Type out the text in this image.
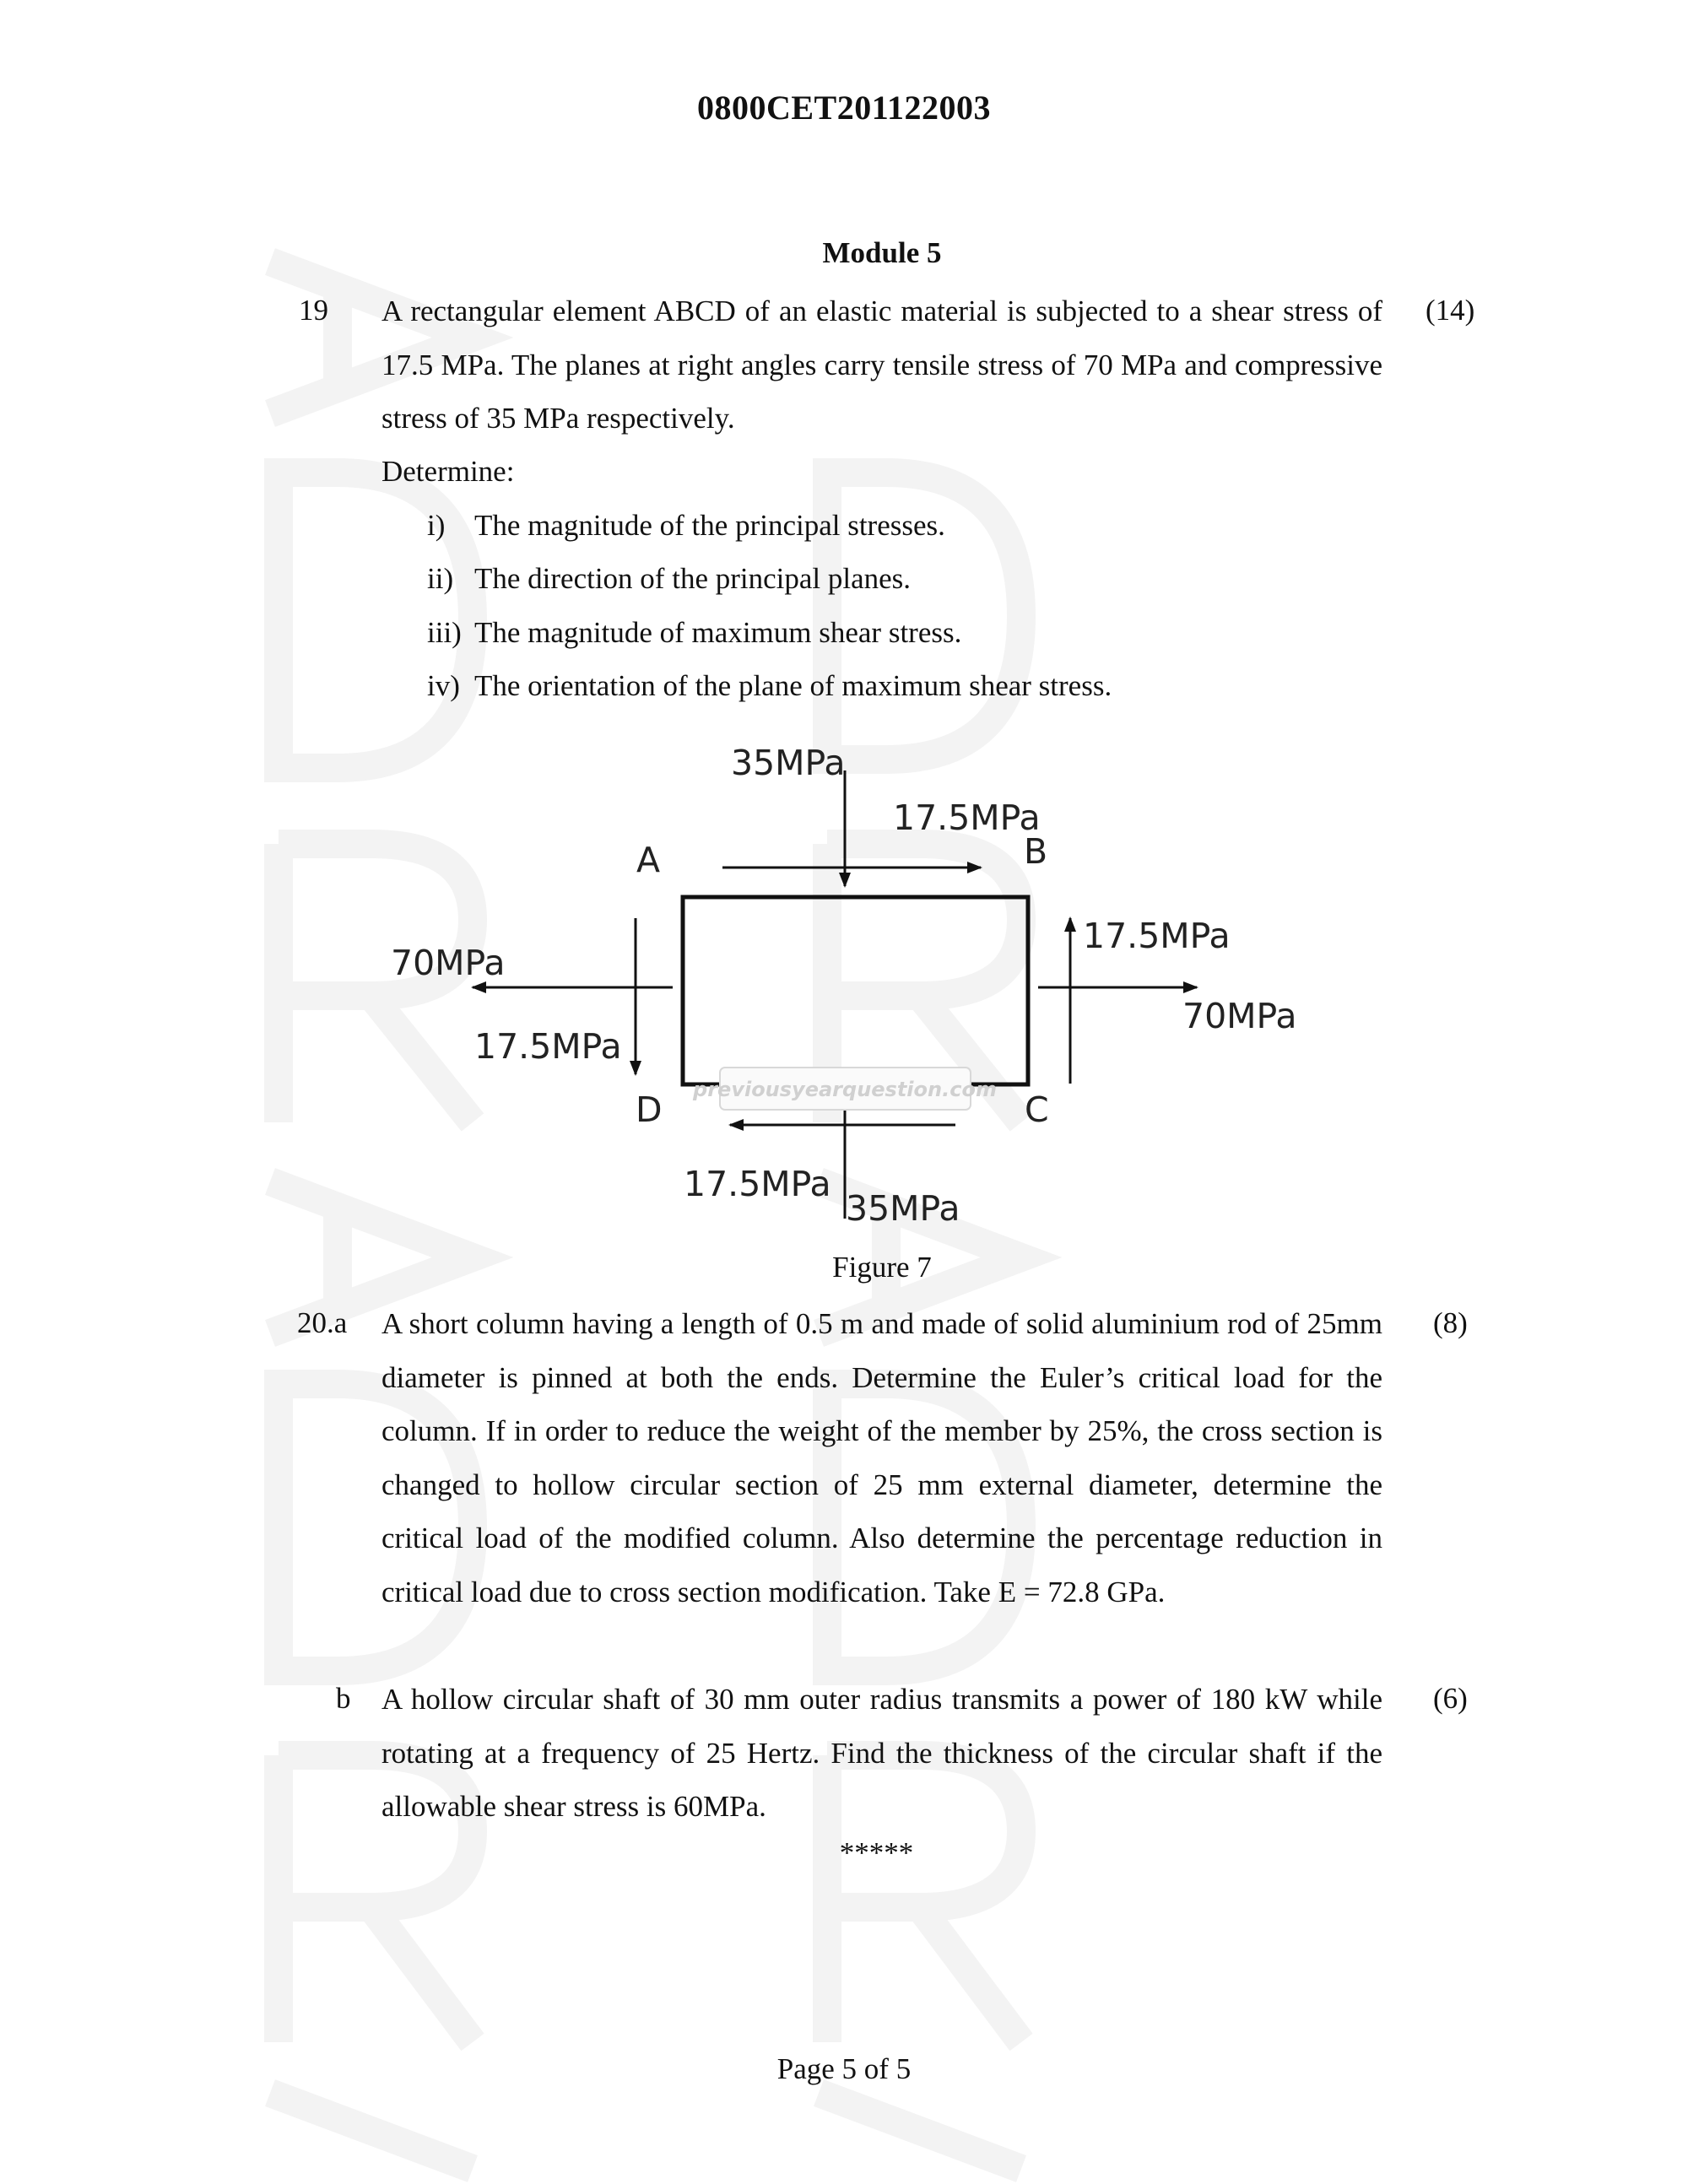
0800CET201122003
Module 5
19	(14)

A rectangular element ABCD of an elastic material is subjected to a shear stress of 17.5 MPa. The planes at right angles carry tensile stress of 70 MPa and compressive stress of 35 MPa respectively.

Determine:
i) The magnitude of the principal stresses.
ii) The direction of the principal planes.
iii) The magnitude of maximum shear stress.
iv) The orientation of the plane of maximum shear stress.
35MPa
17.5MPa
A	B
17.5MPa
70MPa
70MPa
17.5MPa
D	C
17.5MPa
35MPa
previousyearquestion.com
Figure 7
20.a	(8)

A short column having a length of 0.5 m and made of solid aluminium rod of 25mm diameter is pinned at both the ends. Determine the Euler’s critical load for the column. If in order to reduce the weight of the member by 25%, the cross section is changed to hollow circular section of 25 mm external diameter, determine the critical load of the modified column. Also determine the percentage reduction in critical load due to cross section modification. Take E = 72.8 GPa.

b	(6)

A hollow circular shaft of 30 mm outer radius transmits a power of 180 kW while rotating at a frequency of 25 Hertz. Find the thickness of the circular shaft if the allowable shear stress is 60MPa.

*****
Page 5 of 5
